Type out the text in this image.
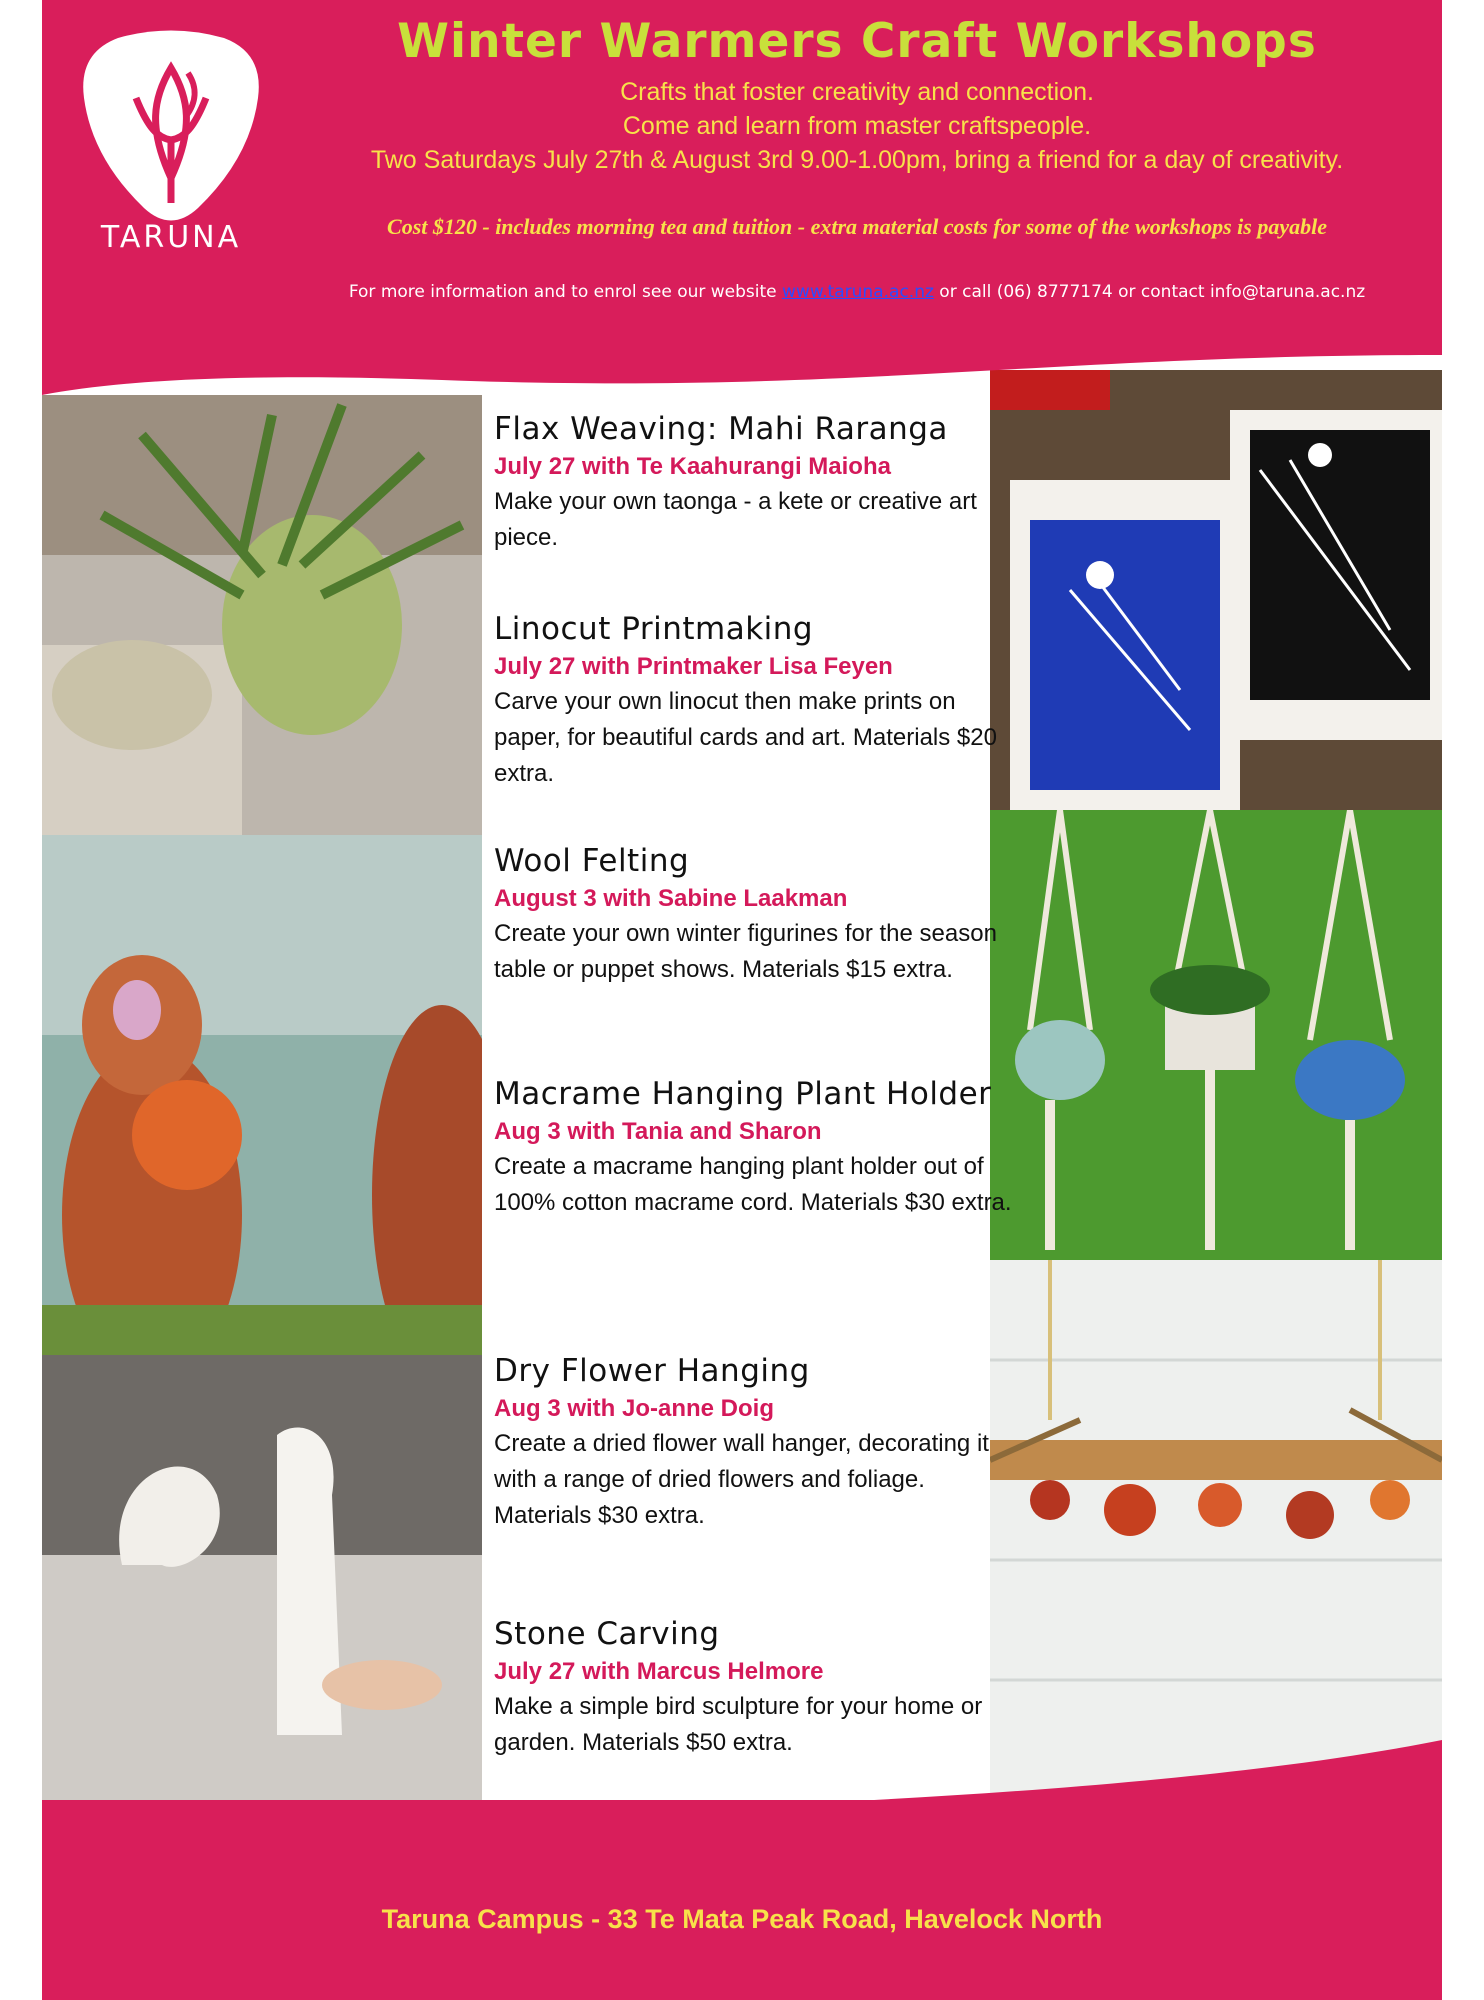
TARUNA
Winter Warmers Craft Workshops
Crafts that foster creativity and connection.
Come and learn from master craftspeople.
Two Saturdays July 27th & August 3rd 9.00-1.00pm, bring a friend for a day of creativity.
Cost $120 - includes morning tea and tuition - extra material costs for some of the workshops is payable
For more information and to enrol see our website www.taruna.ac.nz or call (06) 8777174 or contact info@taruna.ac.nz
Flax Weaving: Mahi Raranga
July 27 with Te Kaahurangi Maioha
Make your own taonga - a kete or creative art piece.
Linocut Printmaking
July 27 with Printmaker Lisa Feyen
Carve your own linocut then make prints on paper, for beautiful cards and art. Materials $20 extra.
Wool Felting
August 3 with Sabine Laakman
Create your own winter figurines for the season table or puppet shows. Materials $15 extra.
Macrame Hanging Plant Holder
Aug 3 with Tania and Sharon
Create a macrame hanging plant holder out of 100% cotton macrame cord. Materials $30 extra.
Dry Flower Hanging
Aug 3 with Jo-anne Doig
Create a dried flower wall hanger, decorating it with a range of dried flowers and foliage. Materials $30 extra.
Stone Carving
July 27 with Marcus Helmore
Make a simple bird sculpture for your home or garden. Materials $50 extra.
Taruna Campus - 33 Te Mata Peak Road, Havelock North
